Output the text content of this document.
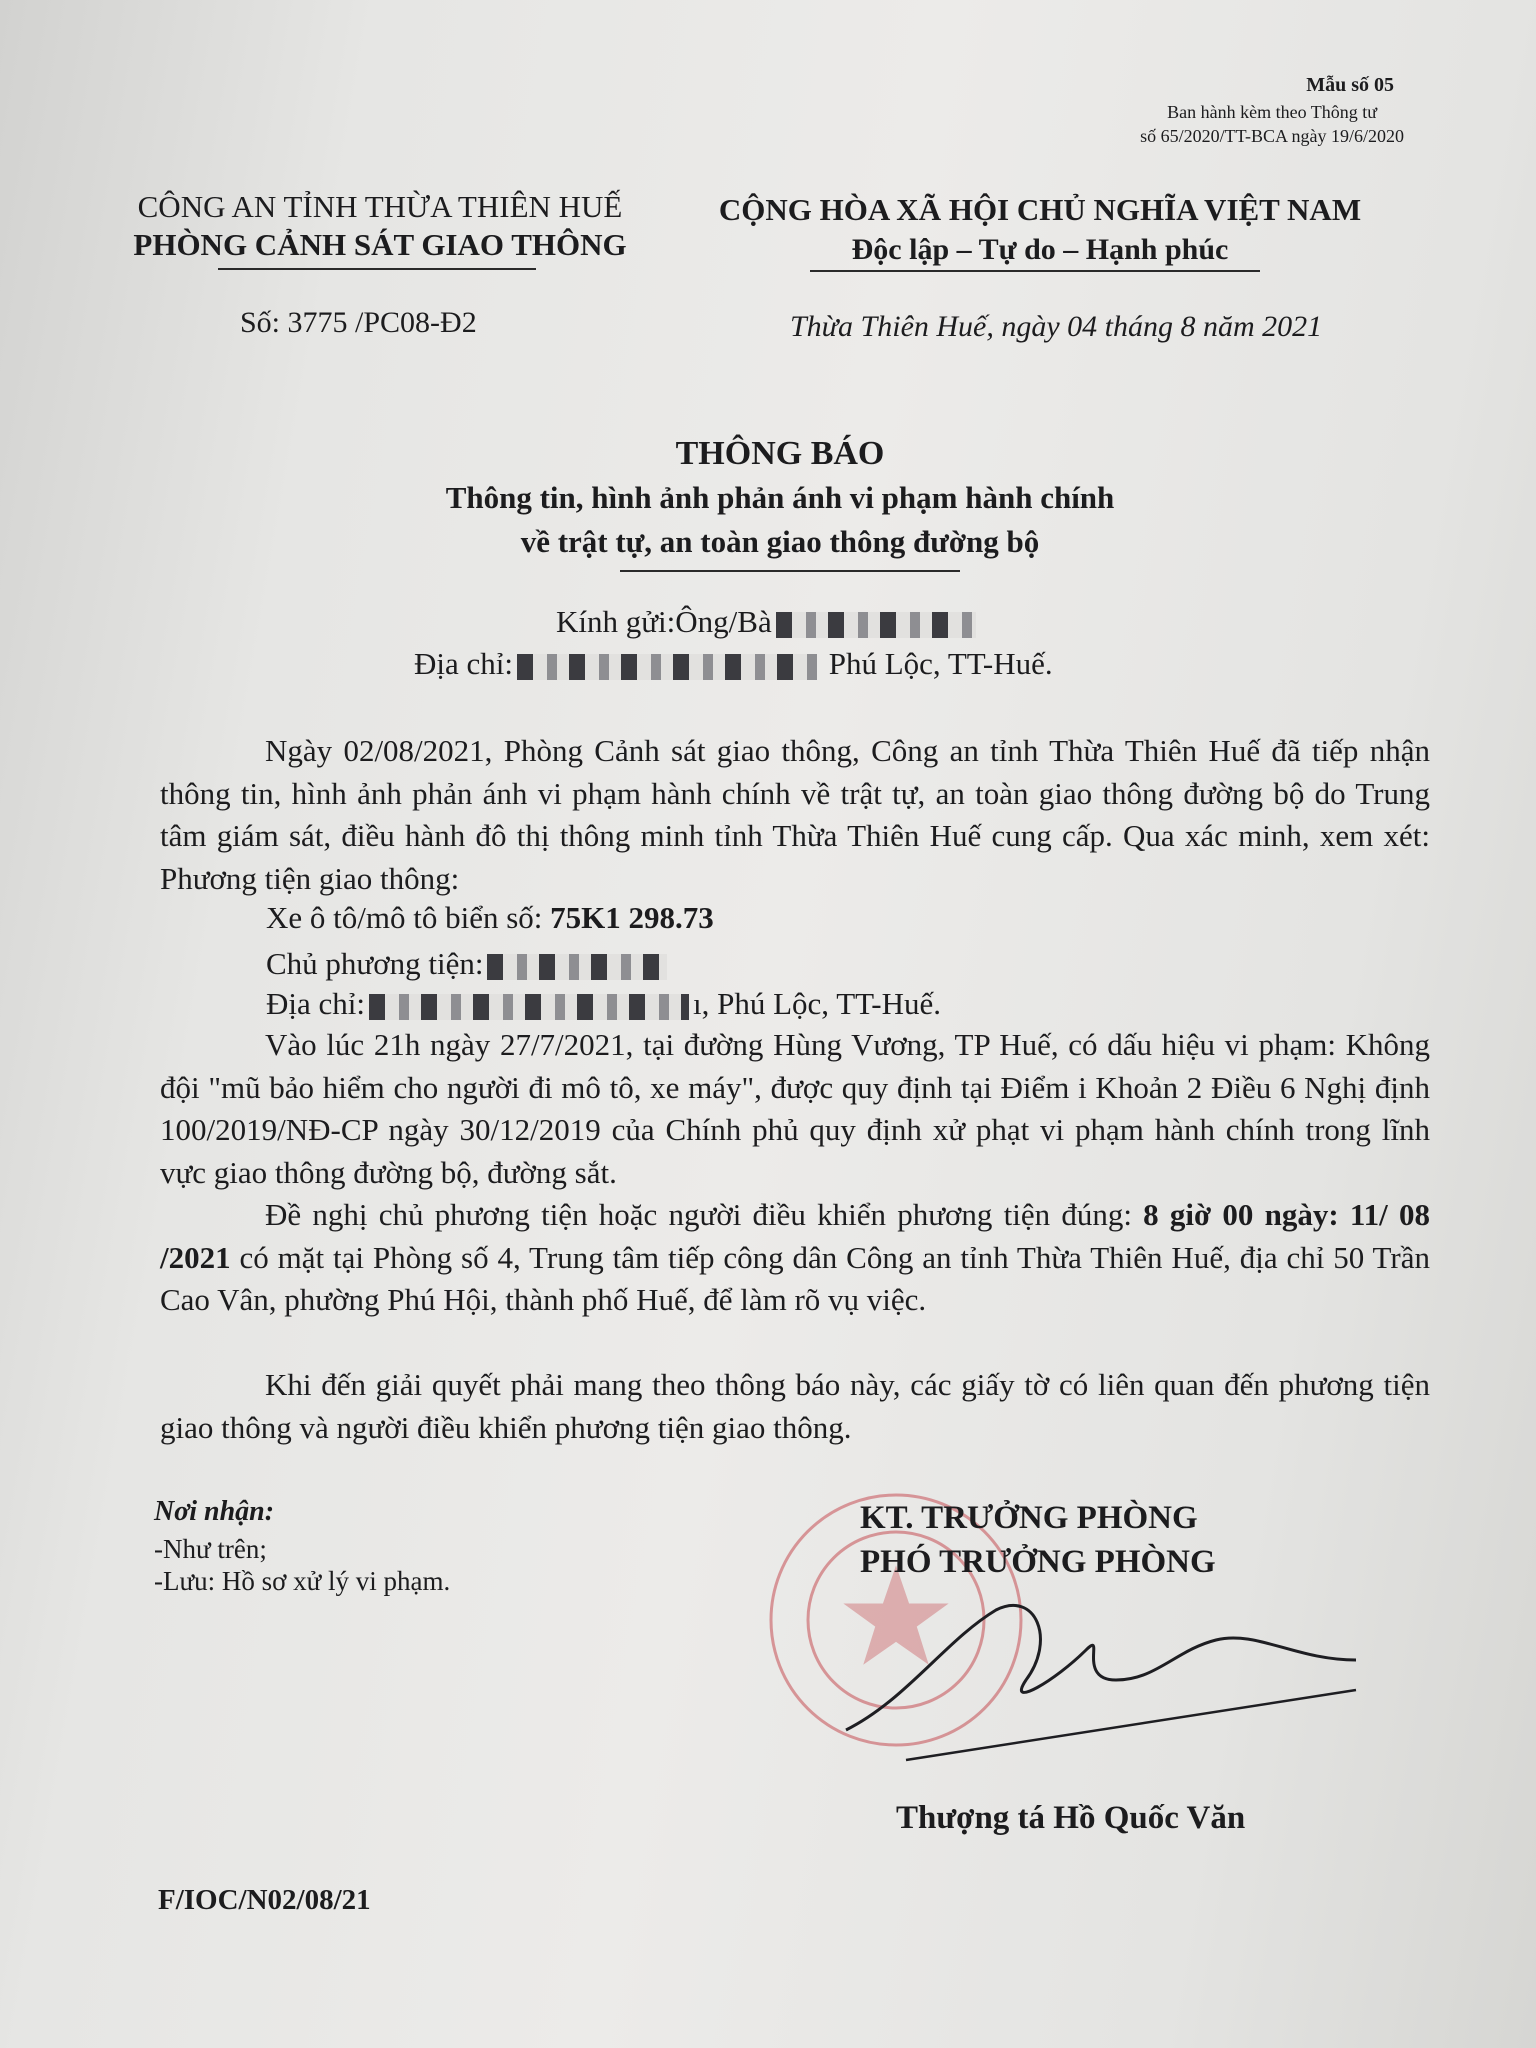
Mẫu số 05
Ban hành kèm theo Thông tư
số 65/2020/TT-BCA ngày 19/6/2020
CÔNG AN TỈNH THỪA THIÊN HUẾ
PHÒNG CẢNH SÁT GIAO THÔNG
CỘNG HÒA XÃ HỘI CHỦ NGHĨA VIỆT NAM
Độc lập – Tự do – Hạnh phúc
Số: 3775 /PC08-Đ2	Thừa Thiên Huế, ngày 04 tháng 8 năm 2021
THÔNG BÁO
Thông tin, hình ảnh phản ánh vi phạm hành chính
về trật tự, an toàn giao thông đường bộ
Kính gửi:Ông/Bà
Địa chỉ:	Phú Lộc, TT-Huế.
Ngày 02/08/2021, Phòng Cảnh sát giao thông, Công an tỉnh Thừa Thiên Huế đã tiếp nhận thông tin, hình ảnh phản ánh vi phạm hành chính về trật tự, an toàn giao thông đường bộ do Trung tâm giám sát, điều hành đô thị thông minh tỉnh Thừa Thiên Huế cung cấp. Qua xác minh, xem xét: Phương tiện giao thông:
Xe ô tô/mô tô biển số: 75K1 298.73
Chủ phương tiện:
Địa chỉ:	ı, Phú Lộc, TT-Huế.
Vào lúc 21h ngày 27/7/2021, tại đường Hùng Vương, TP Huế, có dấu hiệu vi phạm: Không đội "mũ bảo hiểm cho người đi mô tô, xe máy", được quy định tại Điểm i Khoản 2 Điều 6 Nghị định 100/2019/NĐ-CP ngày 30/12/2019 của Chính phủ quy định xử phạt vi phạm hành chính trong lĩnh vực giao thông đường bộ, đường sắt.
Đề nghị chủ phương tiện hoặc người điều khiển phương tiện đúng: 8 giờ 00 ngày: 11/ 08 /2021 có mặt tại Phòng số 4, Trung tâm tiếp công dân Công an tỉnh Thừa Thiên Huế, địa chỉ 50 Trần Cao Vân, phường Phú Hội, thành phố Huế, để làm rõ vụ việc.
Khi đến giải quyết phải mang theo thông báo này, các giấy tờ có liên quan đến phương tiện giao thông và người điều khiển phương tiện giao thông.
Nơi nhận:
-Như trên;
-Lưu: Hồ sơ xử lý vi phạm.
KT. TRƯỞNG PHÒNG
PHÓ TRƯỞNG PHÒNG
Thượng tá Hồ Quốc Văn
F/IOC/N02/08/21
